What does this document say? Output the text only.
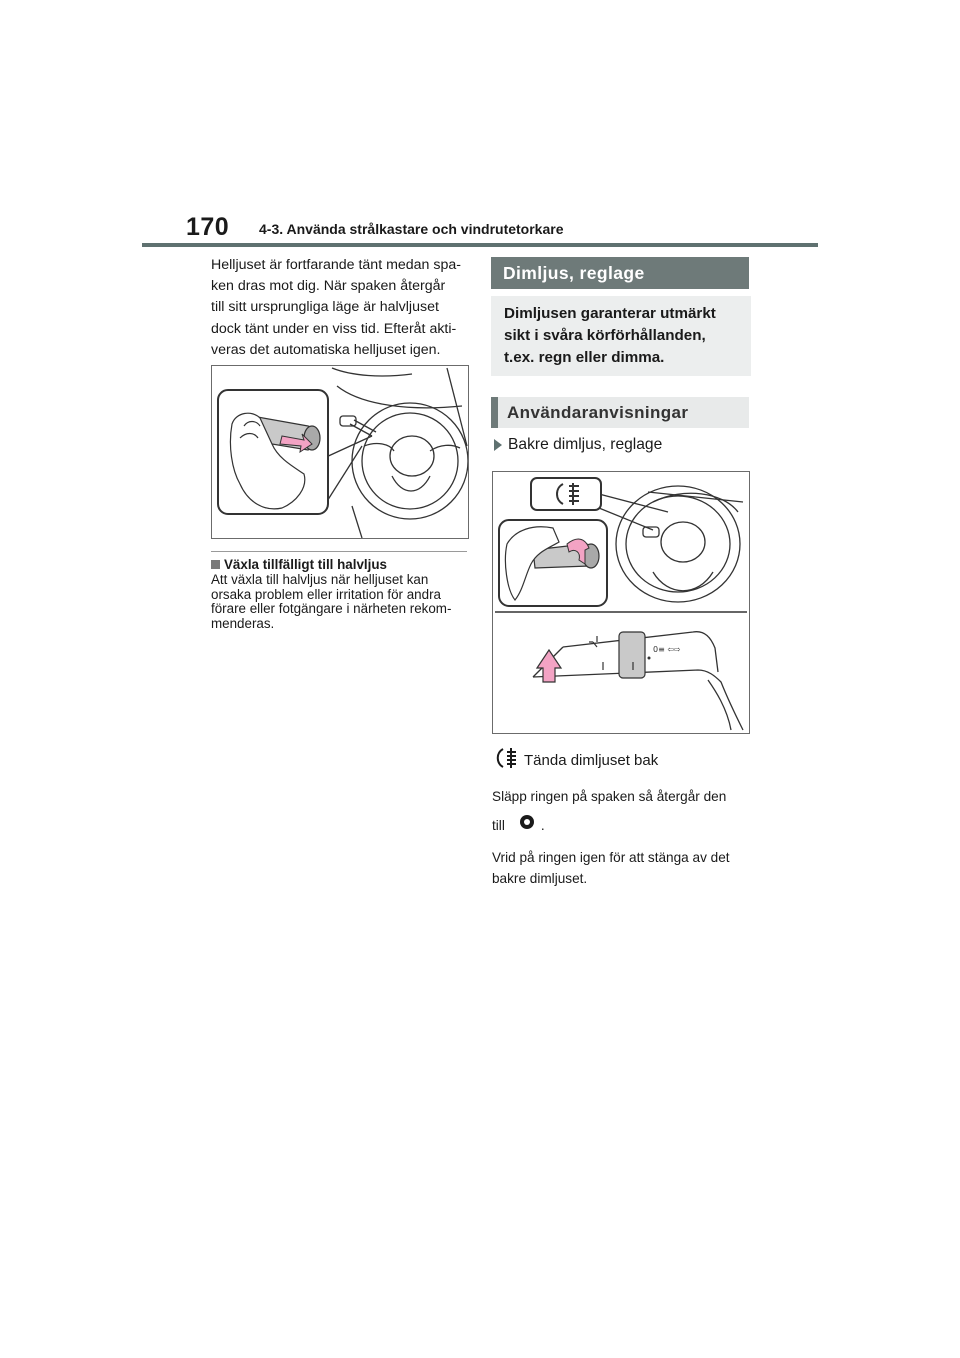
170 4-3. Använda strålkastare och vindrutetorkare

Helljuset är fortfarande tänt medan spa-

ken dras mot dig. När spaken återgår

till sitt ursprungliga läge är halvljuset

dock tänt under en viss tid. Efteråt akti-

veras det automatiska helljuset igen.

Växla tillfälligt till halvljus
Att växla till halvljus när helljuset kan
orsaka problem eller irritation för andra
förare eller fotgängare i närheten rekom-
menderas.
Dimljus, reglage
Dimljusen garanterar utmärkt
sikt i svåra körförhållanden,
t.ex. regn eller dimma.
Användaranvisningar
Bakre dimljus, reglage
0≡ ⇦⇨
Tända dimljuset bak

Släpp ringen på spaken så återgår den

till	.
Vrid på ringen igen för att stänga av det
bakre dimljuset.
